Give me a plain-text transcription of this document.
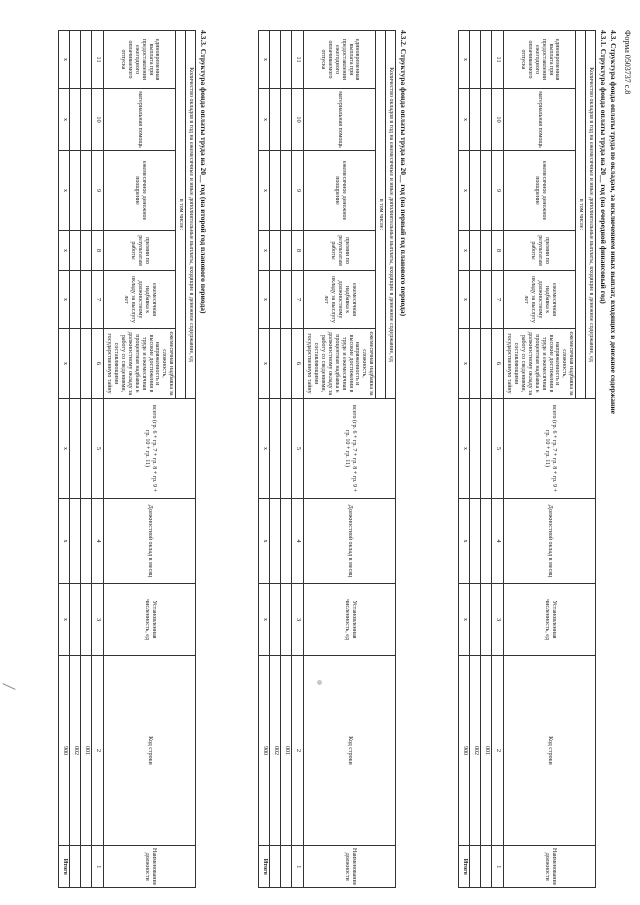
Форма 0503737 с.8
4.3. Структура фонда оплаты труда по окладам, за исключением иных выплат, входящих в денежное содержание
4.3.1. Структура фонда оплаты труда на 20__ год (на очередной финансовый год)
Количество окладов в год на ежемесячные и иные дополнительные выплаты, входящие в денежное содержание, ед						всего (гр. 6 + гр. 7 + гр. 8 + гр. 9 + гр. 10 + гр. 11)	Должностной оклад в месяц	Установленная численность, ед	Код строки	Наименование должности
в том числе:										
единовременная выплата при предоставлении ежегодного оплачиваемого отпуска	материальная помощь	ежемесячное денежное поощрение	премии по результатам работы	ежемесячная надбавка к должностному окладу за выслугу лет	ежемесячная надбавка за сложность, напряженность и высокие достижения в труде и ежемесячная процентная надбавка к должностному окладу за работу со сведениями, составляющими государственную тайну					
11	10	9	8	7	6	5	4	3	2	1
									001	
									002	
х	х	х	х	х	х	х	х	х	900	Итого
4.3.2. Структура фонда оплаты труда на 20__ год (на первый год планового периода)
Количество окладов в год на ежемесячные и иные дополнительные выплаты, входящие в денежное содержание, ед						всего (гр. 6 + гр. 7 + гр. 8 + гр. 9 + гр. 10 + гр. 11)	Должностной оклад в месяц	Установленная численность, ед	Код строки	Наименование должности
в том числе:										
единовременная выплата при предоставлении ежегодного оплачиваемого отпуска	материальная помощь	ежемесячное денежное поощрение	премии по результатам работы	ежемесячная надбавка к должностному окладу за выслугу лет	ежемесячная надбавка за сложность, напряженность и высокие достижения в труде и ежемесячная процентная надбавка к должностному окладу за работу со сведениями, составляющими государственную тайну					
11	10	9	8	7	6	5	4	3	2	1
									001	
									002	
х	х	х	х	х	х	х	х	х	900	Итого
4.3.3. Структура фонда оплаты труда на 20__ год (на второй год планового периода)
Количество окладов в год на ежемесячные и иные дополнительные выплаты, входящие в денежное содержание, ед						всего (гр. 6 + гр. 7 + гр. 8 + гр. 9 + гр. 10 + гр. 11)	Должностной оклад в месяц	Установленная численность, ед	Код строки	Наименование должности
в том числе:										
единовременная выплата при предоставлении ежегодного оплачиваемого отпуска	материальная помощь	ежемесячное денежное поощрение	премии по результатам работы	ежемесячная надбавка к должностному окладу за выслугу лет	ежемесячная надбавка за сложность, напряженность и высокие достижения в труде и ежемесячная процентная надбавка к должностному окладу за работу со сведениями, составляющими государственную тайну					
11	10	9	8	7	6	5	4	3	2	1
									001	
									002	
х	х	х	х	х	х	х	х	х	900	Итого
